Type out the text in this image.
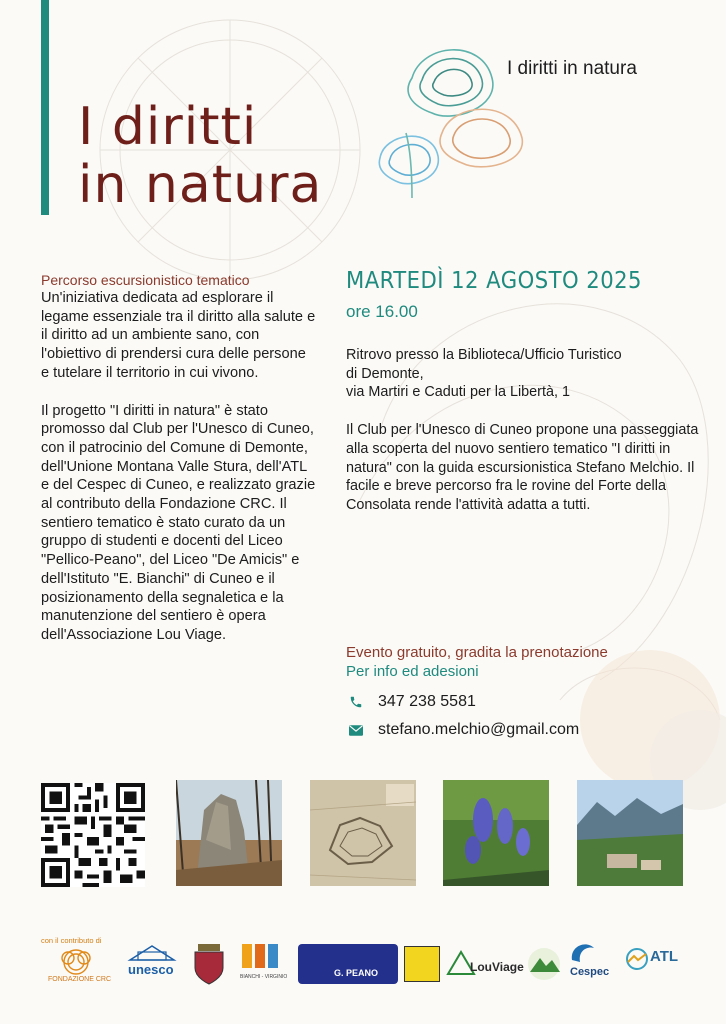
I diritti
in natura
I diritti in natura

Percorso escursionistico tematico

Un'iniziativa dedicata ad esplorare il legame essenziale tra il diritto alla salute e il diritto ad un ambiente sano, con l'obiettivo di prendersi cura delle persone e tutelare il territorio in cui vivono.

Il progetto "I diritti in natura" è stato promosso dal Club per l'Unesco di Cuneo, con il patrocinio del Comune di Demonte, dell'Unione Montana Valle Stura, dell'ATL e del Cespec di Cuneo, e realizzato grazie al contributo della Fondazione CRC. Il sentiero tematico è stato curato da un gruppo di studenti e docenti del Liceo "Pellico-Peano", del Liceo "De Amicis" e dell'Istituto "E. Bianchi" di Cuneo e il posizionamento della segnaletica e la manutenzione del sentiero è opera dell'Associazione Lou Viage.

MARTEDÌ 12 AGOSTO 2025

ore 16.00

Ritrovo presso la Biblioteca/Ufficio Turistico
di Demonte,
via Martiri e Caduti per la Libertà, 1

Il Club per l'Unesco di Cuneo propone una passeggiata alla scoperta del nuovo sentiero tematico "I diritti in natura" con la guida escursionistica Stefano Melchio. Il facile e breve percorso fra le rovine del Forte della Consolata rende l'attività adatta a tutti.

Evento gratuito, gradita la prenotazione

Per info ed adesioni

347 238 5581
stefano.melchio@gmail.com
con il contributo di
FONDAZIONE CRC
unesco	BIANCHI - VIRGINIO	G. PEANO	LouViage	Cespec
ATL
